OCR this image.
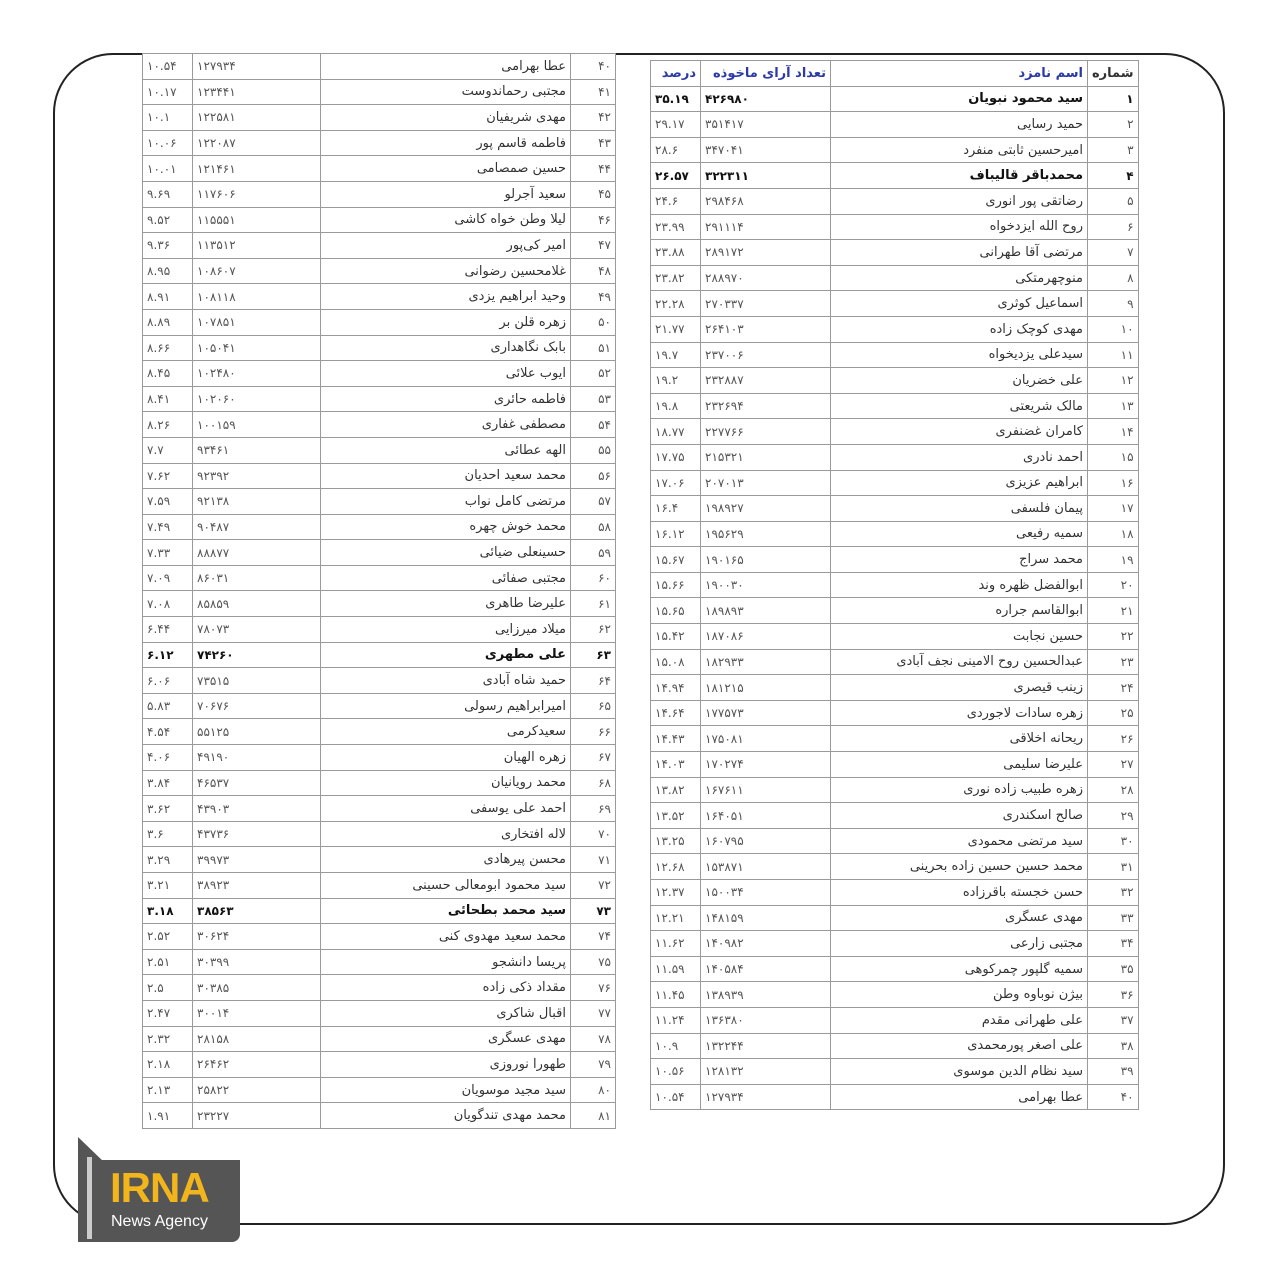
شماره	اسم نامزد	تعداد آرای ماخوذه	درصد
۱	سید محمود نبویان	۴۲۶۹۸۰	۳۵.۱۹
۲	حمید رسایی	۳۵۱۴۱۷	۲۹.۱۷
۳	امیرحسین ثابتی منفرد	۳۴۷۰۴۱	۲۸.۶
۴	محمدباقر قالیباف	۳۲۲۳۱۱	۲۶.۵۷
۵	رضاتقی پور انوری	۲۹۸۴۶۸	۲۴.۶
۶	روح الله ایزدخواه	۲۹۱۱۱۴	۲۳.۹۹
۷	مرتضی آقا طهرانی	۲۸۹۱۷۲	۲۳.۸۸
۸	منوچهرمتکی	۲۸۸۹۷۰	۲۳.۸۲
۹	اسماعیل کوثری	۲۷۰۳۳۷	۲۲.۲۸
۱۰	مهدی کوچک زاده	۲۶۴۱۰۳	۲۱.۷۷
۱۱	سیدعلی یزدیخواه	۲۳۷۰۰۶	۱۹.۷
۱۲	علی خضریان	۲۳۲۸۸۷	۱۹.۲
۱۳	مالک شریعتی	۲۳۲۶۹۴	۱۹.۸
۱۴	کامران غضنفری	۲۲۷۷۶۶	۱۸.۷۷
۱۵	احمد نادری	۲۱۵۳۲۱	۱۷.۷۵
۱۶	ابراهیم عزیزی	۲۰۷۰۱۳	۱۷.۰۶
۱۷	پیمان فلسفی	۱۹۸۹۲۷	۱۶.۴
۱۸	سمیه رفیعی	۱۹۵۶۲۹	۱۶.۱۲
۱۹	محمد سراج	۱۹۰۱۶۵	۱۵.۶۷
۲۰	ابوالفضل ظهره وند	۱۹۰۰۳۰	۱۵.۶۶
۲۱	ابوالقاسم جراره	۱۸۹۸۹۳	۱۵.۶۵
۲۲	حسین نجابت	۱۸۷۰۸۶	۱۵.۴۲
۲۳	عبدالحسین روح الامینی نجف آبادی	۱۸۲۹۳۳	۱۵.۰۸
۲۴	زینب قیصری	۱۸۱۲۱۵	۱۴.۹۴
۲۵	زهره سادات لاجوردی	۱۷۷۵۷۳	۱۴.۶۴
۲۶	ریحانه اخلاقی	۱۷۵۰۸۱	۱۴.۴۳
۲۷	علیرضا سلیمی	۱۷۰۲۷۴	۱۴.۰۳
۲۸	زهره طبیب زاده نوری	۱۶۷۶۱۱	۱۳.۸۲
۲۹	صالح اسکندری	۱۶۴۰۵۱	۱۳.۵۲
۳۰	سید مرتضی محمودی	۱۶۰۷۹۵	۱۳.۲۵
۳۱	محمد حسین حسین زاده بحرینی	۱۵۳۸۷۱	۱۲.۶۸
۳۲	حسن خجسته باقرزاده	۱۵۰۰۳۴	۱۲.۳۷
۳۳	مهدی عسگری	۱۴۸۱۵۹	۱۲.۲۱
۳۴	مجتبی زارعی	۱۴۰۹۸۲	۱۱.۶۲
۳۵	سمیه گلپور چمرکوهی	۱۴۰۵۸۴	۱۱.۵۹
۳۶	بیژن نوباوه وطن	۱۳۸۹۳۹	۱۱.۴۵
۳۷	علی طهرانی مقدم	۱۳۶۳۸۰	۱۱.۲۴
۳۸	علی اصغر پورمحمدی	۱۳۲۲۴۴	۱۰.۹
۳۹	سید نظام الدین موسوی	۱۲۸۱۳۲	۱۰.۵۶
۴۰	عطا بهرامی	۱۲۷۹۳۴	۱۰.۵۴
۴۰	عطا بهرامی	۱۲۷۹۳۴	۱۰.۵۴
۴۱	مجتبی رحماندوست	۱۲۳۴۴۱	۱۰.۱۷
۴۲	مهدی شریفیان	۱۲۲۵۸۱	۱۰.۱
۴۳	فاطمه قاسم پور	۱۲۲۰۸۷	۱۰.۰۶
۴۴	حسین صمصامی	۱۲۱۴۶۱	۱۰.۰۱
۴۵	سعید آجرلو	۱۱۷۶۰۶	۹.۶۹
۴۶	لیلا وطن خواه کاشی	۱۱۵۵۵۱	۹.۵۲
۴۷	امیر کی‌پور	۱۱۳۵۱۲	۹.۳۶
۴۸	غلامحسین رضوانی	۱۰۸۶۰۷	۸.۹۵
۴۹	وحید ابراهیم یزدی	۱۰۸۱۱۸	۸.۹۱
۵۰	زهره قلن بر	۱۰۷۸۵۱	۸.۸۹
۵۱	بابک نگاهداری	۱۰۵۰۴۱	۸.۶۶
۵۲	ایوب علائی	۱۰۲۴۸۰	۸.۴۵
۵۳	فاطمه حائری	۱۰۲۰۶۰	۸.۴۱
۵۴	مصطفی غفاری	۱۰۰۱۵۹	۸.۲۶
۵۵	الهه عطائی	۹۳۴۶۱	۷.۷
۵۶	محمد سعید احدیان	۹۲۳۹۲	۷.۶۲
۵۷	مرتضی کامل نواب	۹۲۱۳۸	۷.۵۹
۵۸	محمد خوش چهره	۹۰۴۸۷	۷.۴۹
۵۹	حسینعلی ضیائی	۸۸۸۷۷	۷.۳۳
۶۰	مجتبی صفائی	۸۶۰۳۱	۷.۰۹
۶۱	علیرضا طاهری	۸۵۸۵۹	۷.۰۸
۶۲	میلاد میرزایی	۷۸۰۷۳	۶.۴۴
۶۳	علی مطهری	۷۴۲۶۰	۶.۱۲
۶۴	حمید شاه آبادی	۷۳۵۱۵	۶.۰۶
۶۵	امیرابراهیم رسولی	۷۰۶۷۶	۵.۸۳
۶۶	سعیدکرمی	۵۵۱۲۵	۴.۵۴
۶۷	زهره الهیان	۴۹۱۹۰	۴.۰۶
۶۸	محمد رویانیان	۴۶۵۳۷	۳.۸۴
۶۹	احمد علی یوسفی	۴۳۹۰۳	۳.۶۲
۷۰	لاله افتخاری	۴۳۷۳۶	۳.۶
۷۱	محسن پیرهادی	۳۹۹۷۳	۳.۲۹
۷۲	سید محمود ابومعالی حسینی	۳۸۹۲۳	۳.۲۱
۷۳	سید محمد بطحائی	۳۸۵۶۳	۳.۱۸
۷۴	محمد سعید مهدوی کنی	۳۰۶۲۴	۲.۵۲
۷۵	پریسا دانشجو	۳۰۳۹۹	۲.۵۱
۷۶	مقداد ذکی زاده	۳۰۳۸۵	۲.۵
۷۷	اقبال شاکری	۳۰۰۱۴	۲.۴۷
۷۸	مهدی عسگری	۲۸۱۵۸	۲.۳۲
۷۹	طهورا نوروزی	۲۶۴۶۲	۲.۱۸
۸۰	سید مجید موسویان	۲۵۸۲۲	۲.۱۳
۸۱	محمد مهدی تندگویان	۲۳۲۲۷	۱.۹۱
IRNA
News Agency
